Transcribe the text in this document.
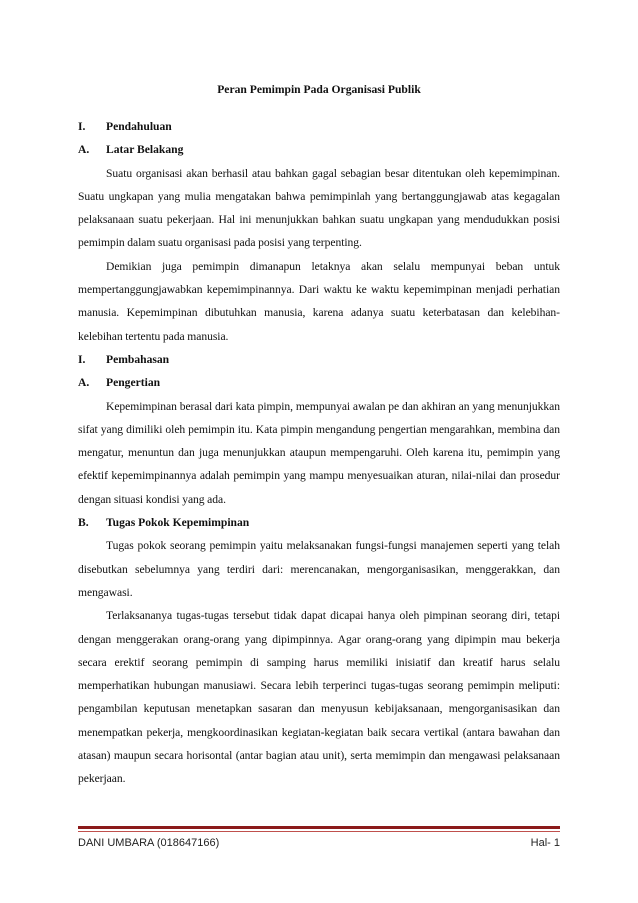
Peran Pemimpin Pada Organisasi Publik
I.	Pendahuluan
A.	Latar Belakang

Suatu organisasi akan berhasil atau bahkan gagal sebagian besar ditentukan oleh kepemimpinan. Suatu ungkapan yang mulia mengatakan bahwa pemimpinlah yang bertanggungjawab atas kegagalan pelaksanaan suatu pekerjaan. Hal ini menunjukkan bahkan suatu ungkapan yang mendudukkan posisi pemimpin dalam suatu organisasi pada posisi yang terpenting.

Demikian juga pemimpin dimanapun letaknya akan selalu mempunyai beban untuk mempertanggungjawabkan kepemimpinannya. Dari waktu ke waktu kepemimpinan menjadi perhatian manusia. Kepemimpinan dibutuhkan manusia, karena adanya suatu keterbatasan dan kelebihan-kelebihan tertentu pada manusia.

I.	Pembahasan
A.	Pengertian

Kepemimpinan berasal dari kata pimpin, mempunyai awalan pe dan akhiran an yang menunjukkan sifat yang dimiliki oleh pemimpin itu. Kata pimpin mengandung pengertian mengarahkan, membina dan mengatur, menuntun dan juga menunjukkan ataupun mempengaruhi. Oleh karena itu, pemimpin yang efektif kepemimpinannya adalah pemimpin yang mampu menyesuaikan aturan, nilai-nilai dan prosedur dengan situasi kondisi yang ada.

B.	Tugas Pokok Kepemimpinan

Tugas pokok seorang pemimpin yaitu melaksanakan fungsi-fungsi manajemen seperti yang telah disebutkan sebelumnya yang terdiri dari: merencanakan, mengorganisasikan, menggerakkan, dan mengawasi.

Terlaksananya tugas-tugas tersebut tidak dapat dicapai hanya oleh pimpinan seorang diri, tetapi dengan menggerakan orang-orang yang dipimpinnya. Agar orang-orang yang dipimpin mau bekerja secara erektif seorang pemimpin di samping harus memiliki inisiatif dan kreatif harus selalu memperhatikan hubungan manusiawi. Secara lebih terperinci tugas-tugas seorang pemimpin meliputi: pengambilan keputusan menetapkan sasaran dan menyusun kebijaksanaan, mengorganisasikan dan menempatkan pekerja, mengkoordinasikan kegiatan-kegiatan baik secara vertikal (antara bawahan dan atasan) maupun secara horisontal (antar bagian atau unit), serta memimpin dan mengawasi pelaksanaan pekerjaan.

DANI UMBARA (018647166)	Hal- 1
